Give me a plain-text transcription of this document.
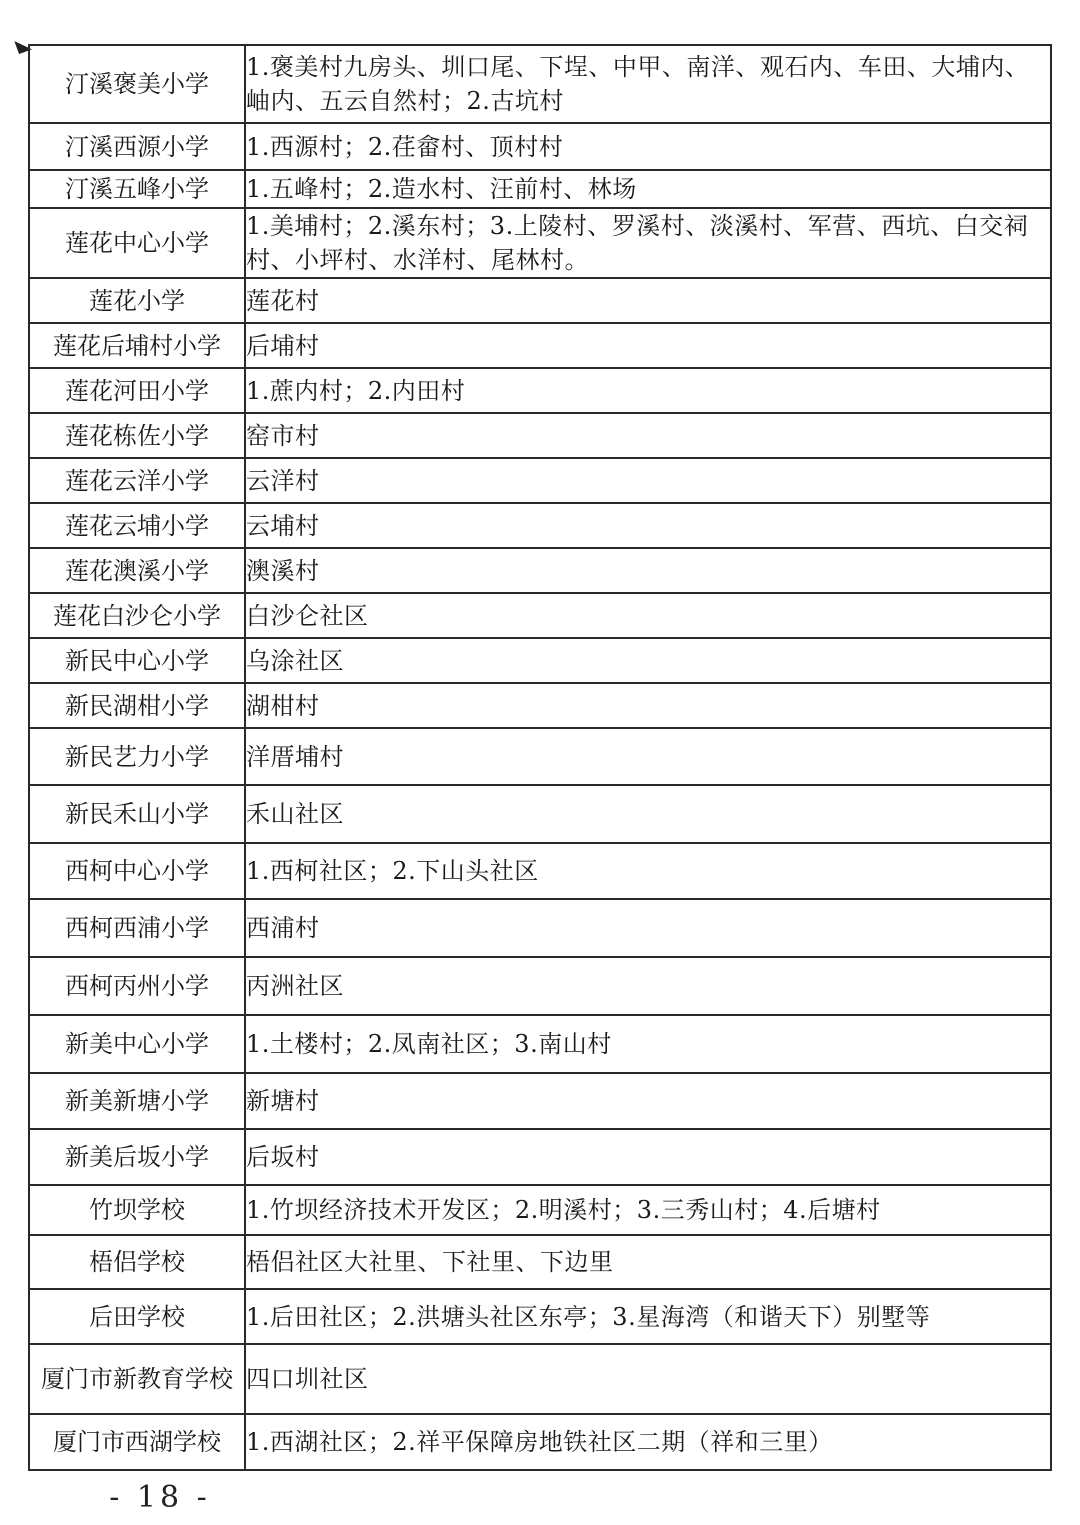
◣
汀溪褒美小学	1.褒美村九房头、圳口尾、下埕、中甲、南洋、观石内、车田、大埔内、岫内、五云自然村；2.古坑村
汀溪西源小学	1.西源村；2.荏畲村、顶村村
汀溪五峰小学	1.五峰村；2.造水村、汪前村、林场
莲花中心小学	1.美埔村；2.溪东村；3.上陵村、罗溪村、淡溪村、军营、西坑、白交祠村、小坪村、水洋村、尾林村。
莲花小学	莲花村
莲花后埔村小学	后埔村
莲花河田小学	1.蔗内村；2.内田村
莲花栋佐小学	窑市村
莲花云洋小学	云洋村
莲花云埔小学	云埔村
莲花澳溪小学	澳溪村
莲花白沙仑小学	白沙仑社区
新民中心小学	乌涂社区
新民湖柑小学	湖柑村
新民艺力小学	洋厝埔村
新民禾山小学	禾山社区
西柯中心小学	1.西柯社区；2.下山头社区
西柯西浦小学	西浦村
西柯丙州小学	丙洲社区
新美中心小学	1.土楼村；2.凤南社区；3.南山村
新美新塘小学	新塘村
新美后坂小学	后坂村
竹坝学校	1.竹坝经济技术开发区；2.明溪村；3.三秀山村；4.后塘村
梧侣学校	梧侣社区大社里、下社里、下边里
后田学校	1.后田社区；2.洪塘头社区东亭；3.星海湾（和谐天下）别墅等
厦门市新教育学校	四口圳社区
厦门市西湖学校	1.西湖社区；2.祥平保障房地铁社区二期（祥和三里）
- 18 -
